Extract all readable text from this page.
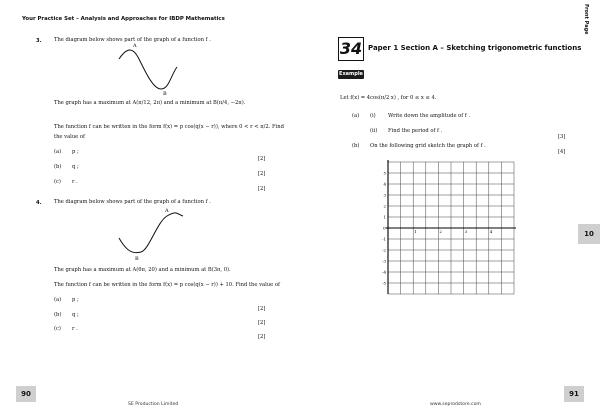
Your Practice Set – Analysis and Approaches for IBDP Mathematics
3. The diagram below shows part of the graph of a function f .
B
A
The graph has a maximum at A(π/12, 2π) and a minimum at B(π/4, −2π).
The function f can be written in the form f(x) = p cos(q(x − r)), where 0 < r < π/2. Find
the value of
(a) p ;
[2]
(b) q ;
[2]
(c) r .
[2]
4. The diagram below shows part of the graph of a function f .
B
A
The graph has a maximum at A(6π, 20) and a minimum at B(3π, 0).
The function f can be written in the form f(x) = p cos(q(x − r)) + 10. Find the value of
(a) p ;
[2]
(b) q ;
[2]
(c) r .
[2]
90
SE Production Limited
Front Page
34 Paper 1 Section A – Sketching trigonometric functions
Example
Let f(x) = 4cos(π/2 x) , for 0 ≤ x ≤ 4.
(a) (i) Write down the amplitude of f .
(ii) Find the period of f .
[3]
(b) On the following grid sketch the graph of f .
[4]
5
4
3
2
1
O
-1
-2
-3
-4
-5
1	2	3	4	10
91
www.seprodstore.com
